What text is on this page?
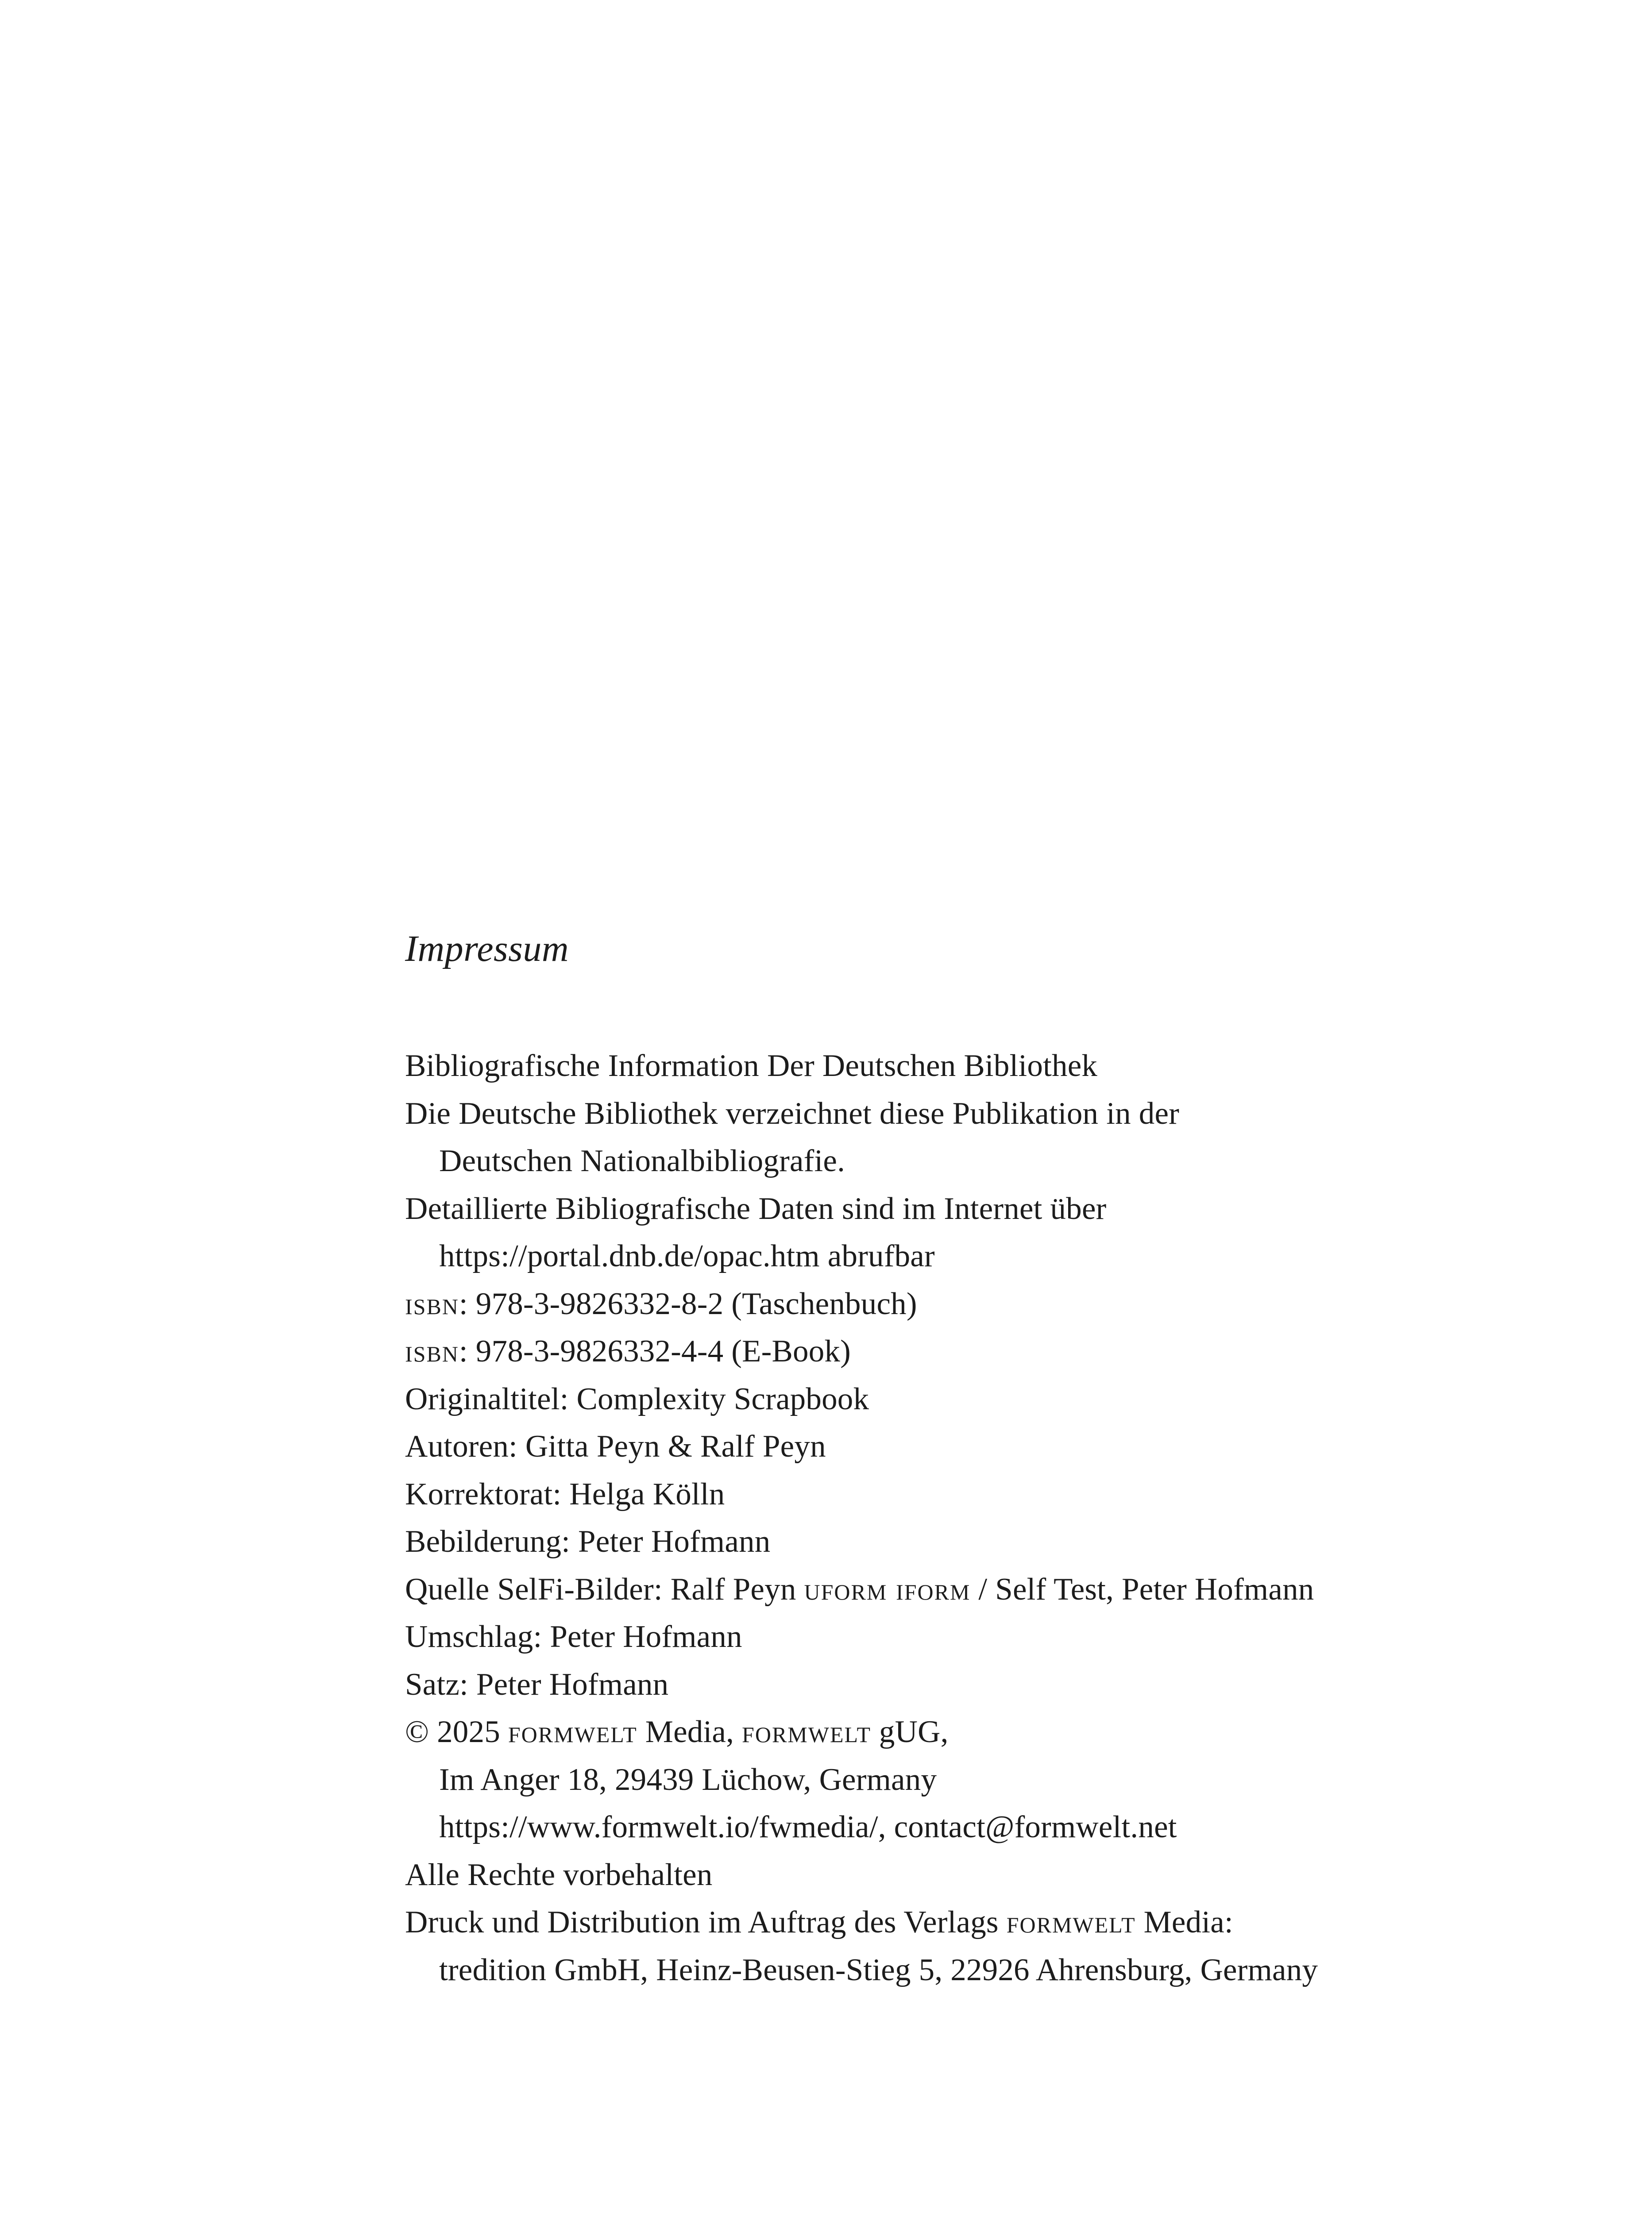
Impressum
Bibliografische Information Der Deutschen Bibliothek
Die Deutsche Bibliothek verzeichnet diese Publikation in der
Deutschen Nationalbibliografie.
Detaillierte Bibliografische Daten sind im Internet über
https://portal.dnb.de/opac.htm abrufbar
isbn: 978-3-9826332-8-2 (Taschenbuch)
isbn: 978-3-9826332-4-4 (E-Book)
Originaltitel: Complexity Scrapbook
Autoren: Gitta Peyn & Ralf Peyn
Korrektorat: Helga Kölln
Bebilderung: Peter Hofmann
Quelle SelFi-Bilder: Ralf Peyn uform iform / Self Test, Peter Hofmann
Umschlag: Peter Hofmann
Satz: Peter Hofmann
© 2025 formwelt Media, formwelt gUG,
Im Anger 18, 29439 Lüchow, Germany
https://www.formwelt.io/fwmedia/, contact@formwelt.net
Alle Rechte vorbehalten
Druck und Distribution im Auftrag des Verlags formwelt Media:
tredition GmbH, Heinz-Beusen-Stieg 5, 22926 Ahrensburg, Germany
